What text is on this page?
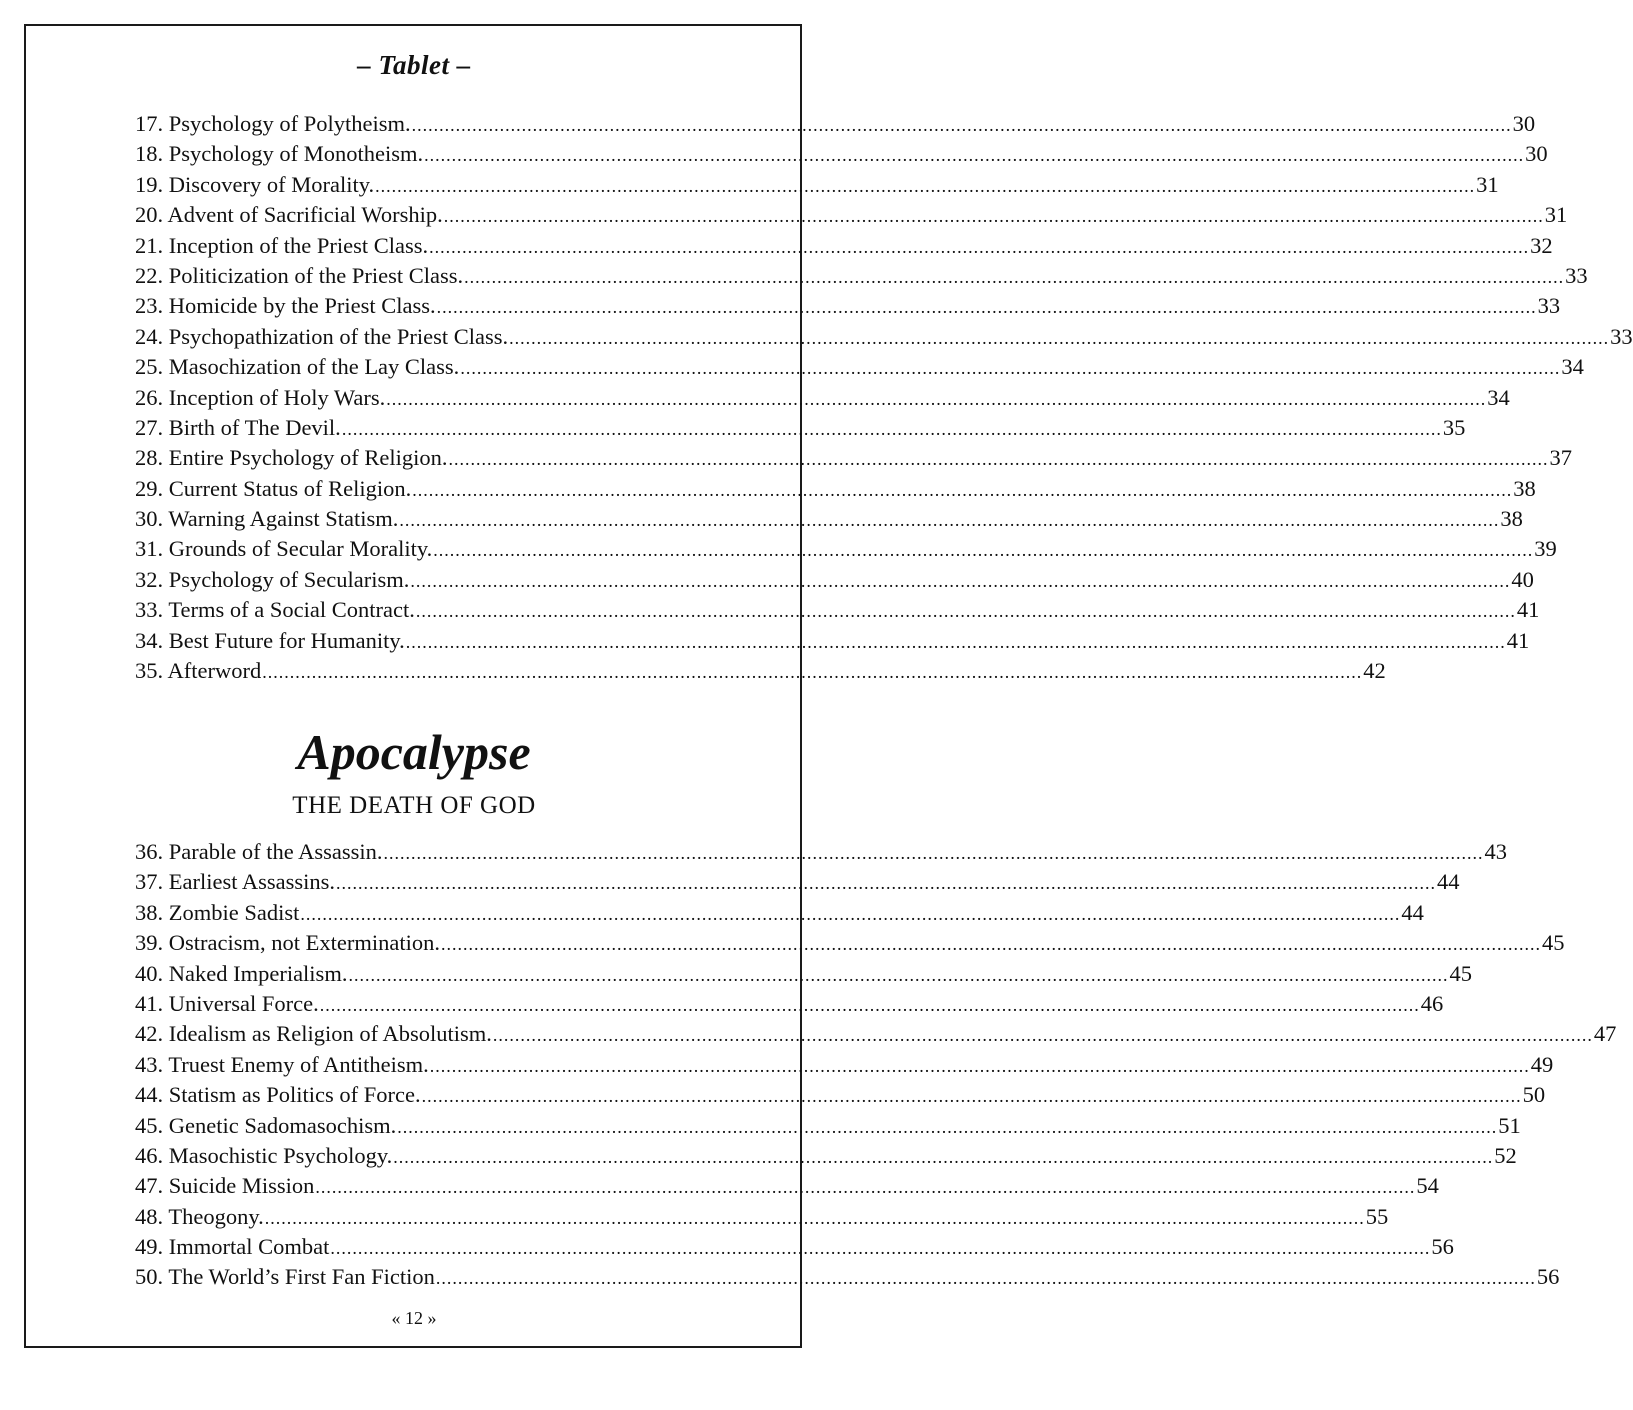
– Tablet –
17. Psychology of Polytheism. ........................................................................................................................................................................................................ 30
18. Psychology of Monotheism. ........................................................................................................................................................................................................ 30
19. Discovery of Morality. ........................................................................................................................................................................................................ 31
20. Advent of Sacrificial Worship. ........................................................................................................................................................................................................ 31
21. Inception of the Priest Class. ........................................................................................................................................................................................................ 32
22. Politicization of the Priest Class. ........................................................................................................................................................................................................ 33
23. Homicide by the Priest Class. ........................................................................................................................................................................................................ 33
24. Psychopathization of the Priest Class. ........................................................................................................................................................................................................ 33
25. Masochization of the Lay Class. ........................................................................................................................................................................................................ 34
26. Inception of Holy Wars. ........................................................................................................................................................................................................ 34
27. Birth of The Devil. ........................................................................................................................................................................................................ 35
28. Entire Psychology of Religion. ........................................................................................................................................................................................................ 37
29. Current Status of Religion. ........................................................................................................................................................................................................ 38
30. Warning Against Statism. ........................................................................................................................................................................................................ 38
31. Grounds of Secular Morality. ........................................................................................................................................................................................................ 39
32. Psychology of Secularism. ........................................................................................................................................................................................................ 40
33. Terms of a Social Contract. ........................................................................................................................................................................................................ 41
34. Best Future for Humanity. ........................................................................................................................................................................................................ 41
35. Afterword ........................................................................................................................................................................................................ 42
Apocalypse
THE DEATH OF GOD
36. Parable of the Assassin. ........................................................................................................................................................................................................ 43
37. Earliest Assassins. ........................................................................................................................................................................................................ 44
38. Zombie Sadist ........................................................................................................................................................................................................ 44
39. Ostracism, not Extermination. ........................................................................................................................................................................................................ 45
40. Naked Imperialism. ........................................................................................................................................................................................................ 45
41. Universal Force. ........................................................................................................................................................................................................ 46
42. Idealism as Religion of Absolutism. ........................................................................................................................................................................................................ 47
43. Truest Enemy of Antitheism. ........................................................................................................................................................................................................ 49
44. Statism as Politics of Force. ........................................................................................................................................................................................................ 50
45. Genetic Sadomasochism. ........................................................................................................................................................................................................ 51
46. Masochistic Psychology. ........................................................................................................................................................................................................ 52
47. Suicide Mission ........................................................................................................................................................................................................ 54
48. Theogony. ........................................................................................................................................................................................................ 55
49. Immortal Combat ........................................................................................................................................................................................................ 56
50. The World’s First Fan Fiction ........................................................................................................................................................................................................ 56
« 12 »
